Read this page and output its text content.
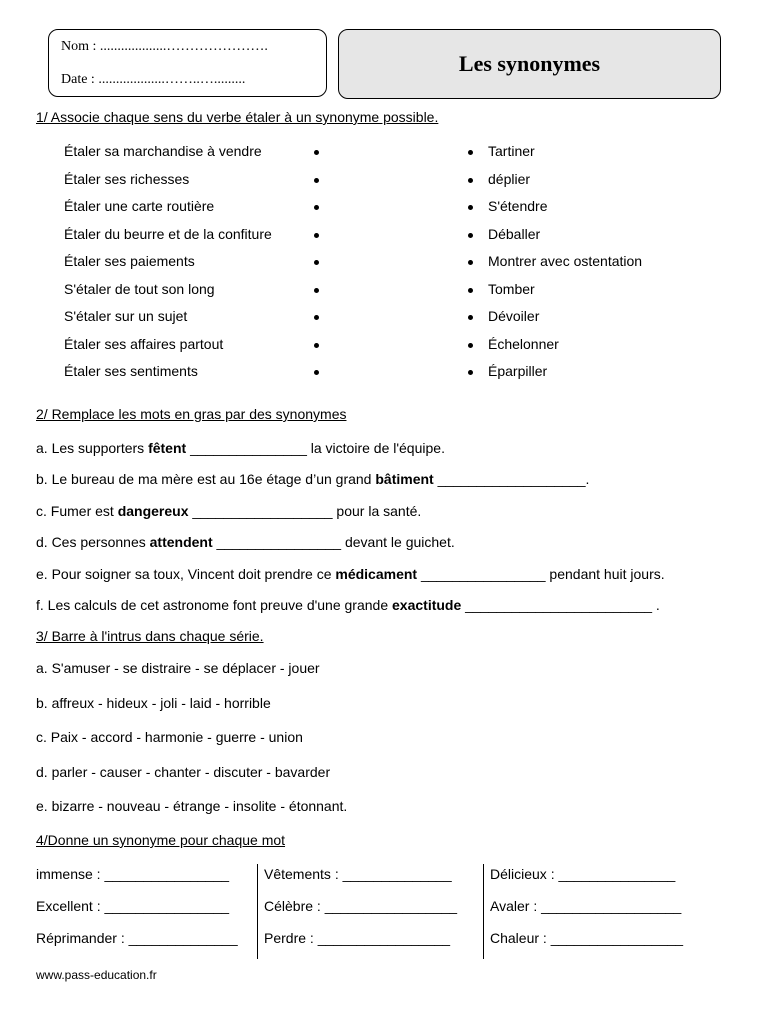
Nom : ...................………………….
Date : ...................……..….........
Les synonymes
1/ Associe chaque sens du verbe étaler à un synonyme possible.
Étaler sa marchandise à vendre
Étaler ses richesses
Étaler une carte routière
Étaler du beurre et de la confiture
Étaler ses paiements
S'étaler de tout son long
S'étaler sur un sujet
Étaler ses affaires partout
Étaler ses sentiments
Tartiner
déplier
S'étendre
Déballer
Montrer avec ostentation
Tomber
Dévoiler
Échelonner
Éparpiller
2/ Remplace les mots en gras par des synonymes
a. Les supporters fêtent _______________ la victoire de l'équipe.
b. Le bureau de ma mère est au 16e étage d’un grand bâtiment ___________________.
c. Fumer est dangereux __________________ pour la santé.
d. Ces personnes attendent ________________ devant le guichet.
e. Pour soigner sa toux, Vincent doit prendre ce médicament ________________ pendant huit jours.
f. Les calculs de cet astronome font preuve d'une grande exactitude ________________________ .
3/ Barre à l'intrus dans chaque série.
a. S'amuser - se distraire - se déplacer - jouer
b. affreux - hideux - joli - laid - horrible
c. Paix - accord - harmonie - guerre - union
d. parler - causer - chanter - discuter - bavarder
e. bizarre - nouveau - étrange - insolite - étonnant.
4/Donne un synonyme pour chaque mot
immense : ________________
Excellent : ________________
Réprimander : ______________
Vêtements : ______________
Célèbre : _________________
Perdre : _________________
Délicieux : _______________
Avaler : __________________
Chaleur : _________________
www.pass-education.fr
